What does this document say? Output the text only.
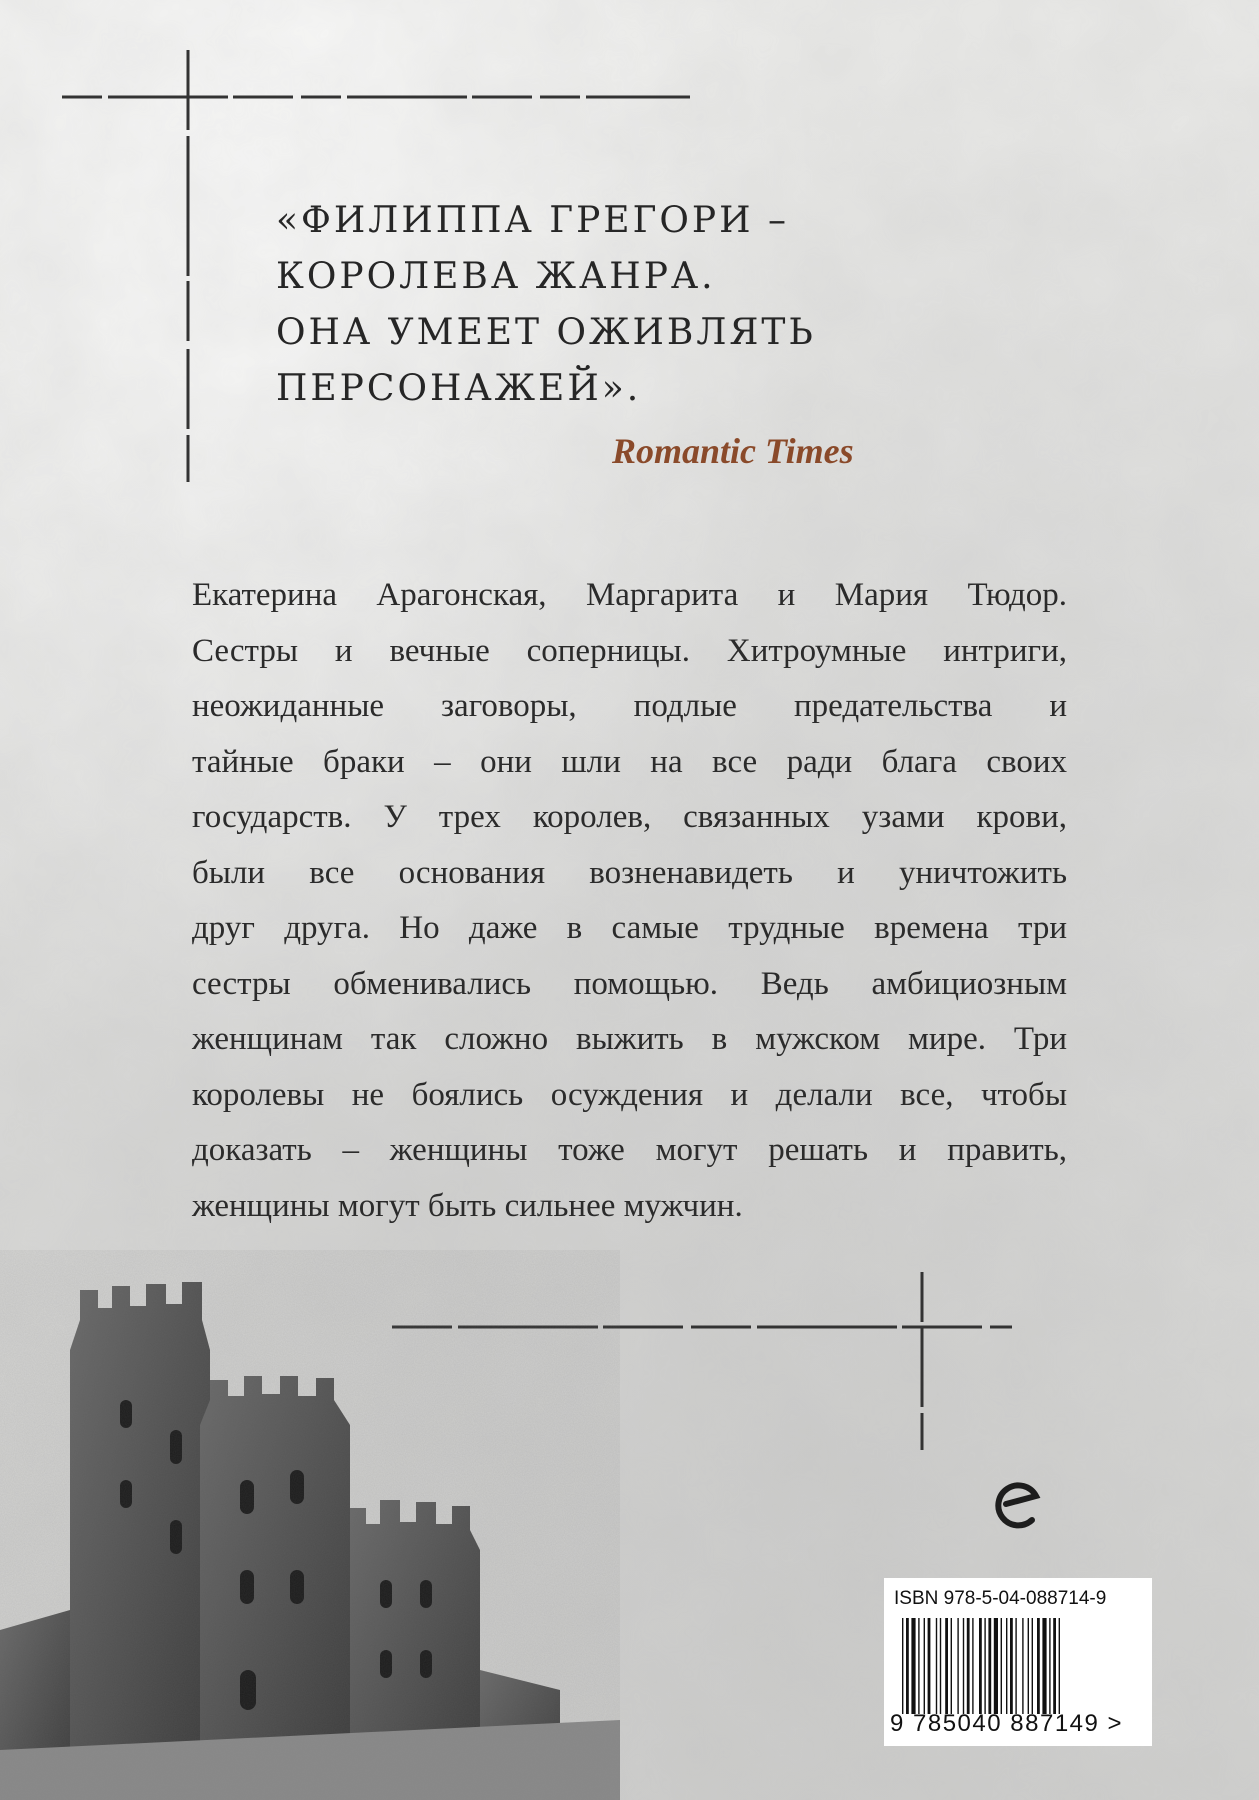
«ФИЛИППА ГРЕГОРИ –
КОРОЛЕВА ЖАНРА.
ОНА УМЕЕТ ОЖИВЛЯТЬ
ПЕРСОНАЖЕЙ».
Romantic Times
Екатерина Арагонская, Маргарита и Мария Тюдор.
Сестры и вечные соперницы. Хитроумные интриги,
неожиданные заговоры, подлые предательства и
тайные браки – они шли на все ради блага своих
государств. У трех королев, связанных узами крови,
были все основания возненавидеть и уничтожить
друг друга. Но даже в самые трудные времена три
сестры обменивались помощью. Ведь амбициозным
женщинам так сложно выжить в мужском мире. Три
королевы не боялись осуждения и делали все, чтобы
доказать – женщины тоже могут решать и править,
женщины могут быть сильнее мужчин.
ISBN 978-5-04-088714-9
9 785040 887149 >
